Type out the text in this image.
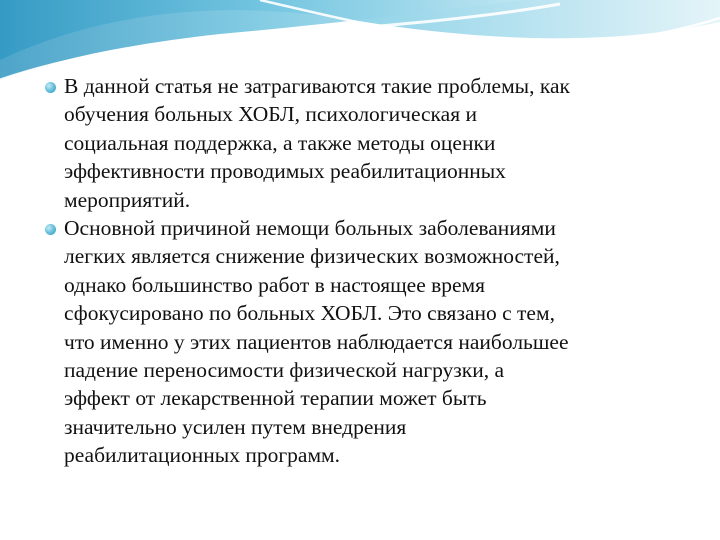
В данной статья не затрагиваются такие проблемы, как
обучения больных ХОБЛ, психологическая и
социальная поддержка, а также методы оценки
эффективности проводимых реабилитационных
мероприятий.

Основной причиной немощи больных заболеваниями
легких является снижение физических возможностей,
однако большинство работ в настоящее время
сфокусировано по больных ХОБЛ. Это связано с тем,
что именно у этих пациентов наблюдается наибольшее
падение переносимости физической нагрузки, а
эффект от лекарственной терапии может быть
значительно усилен путем внедрения
реабилитационных программ.
